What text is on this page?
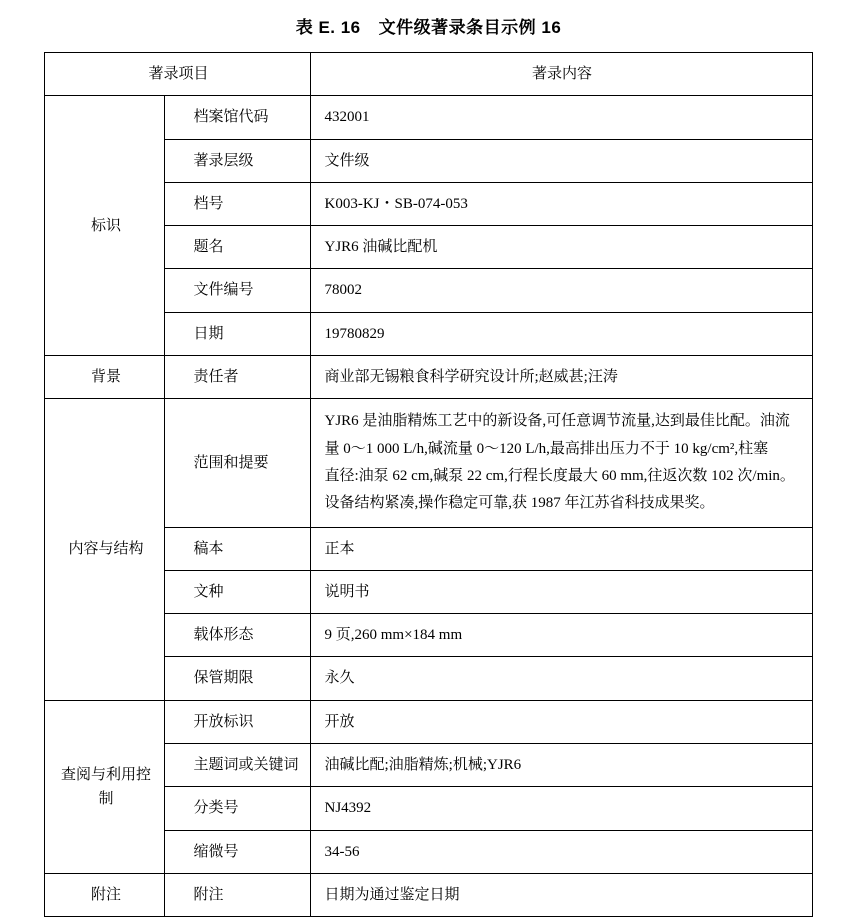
表 E. 16 文件级著录条目示例 16
著录项目		著录内容

标识	档案馆代码	432001

	著录层级	文件级

	档号	K003-KJ・SB-074-053

	题名	YJR6 油碱比配机

	文件编号	78002

	日期	19780829

背景	责任者	商业部无锡粮食科学研究设计所;赵威甚;汪涛

内容与结构	范围和提要	YJR6 是油脂精炼工艺中的新设备,可任意调节流量,达到最佳比配。油流
量 0～1 000 L/h,碱流量 0～120 L/h,最高排出压力不于 10 kg/cm²,柱塞
直径:油泵 62 cm,碱泵 22 cm,行程长度最大 60 mm,往返次数 102 次/min。
设备结构紧凑,操作稳定可靠,获 1987 年江苏省科技成果奖。

	稿本	正本

	文种	说明书

	载体形态	9 页,260 mm×184 mm

	保管期限	永久

查阅与利用控制	开放标识	开放

	主题词或关键词	油碱比配;油脂精炼;机械;YJR6

	分类号	NJ4392

	缩微号	34-56

附注	附注	日期为通过鉴定日期
